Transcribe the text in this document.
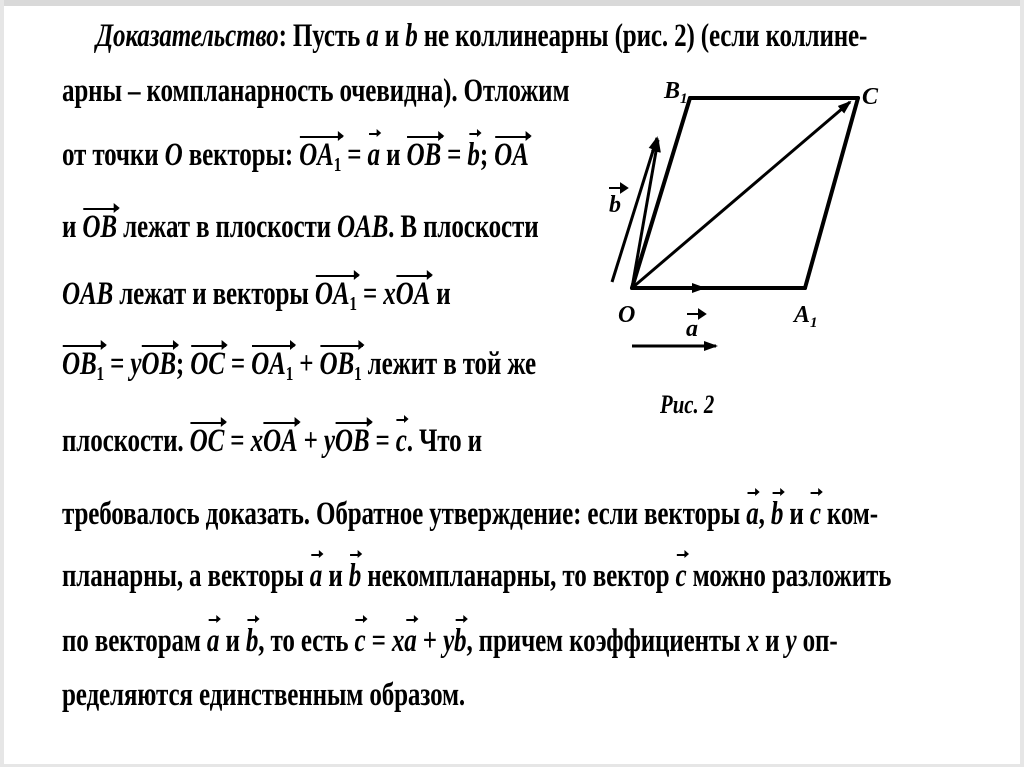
Доказательство: Пусть a и b не коллинеарны (рис. 2) (если коллине-
арны – компланарность очевидна). Отложим
от точки O векторы: $OA_1 = a$ и OB = b; OA
и OB лежат в плоскости OAB. В плоскости
OAB лежат и векторы $OA_1$ = xOA и
$OB_1$ = yOB; OC = $OA_1 + OB_1$ лежит в той же
плоскости. OC = xOA + yOB = c. Что и
требовалось доказать. Обратное утверждение: если векторы a, b и c ком-
планарны, а векторы a и b некомпланарны, то вектор c можно разложить
по векторам a и b, то есть c = xa + yb, причем коэффициенты x и y оп-
ределяются единственным образом.
$B_1$	C
O	$A_1$
a
b
Рис. 2
